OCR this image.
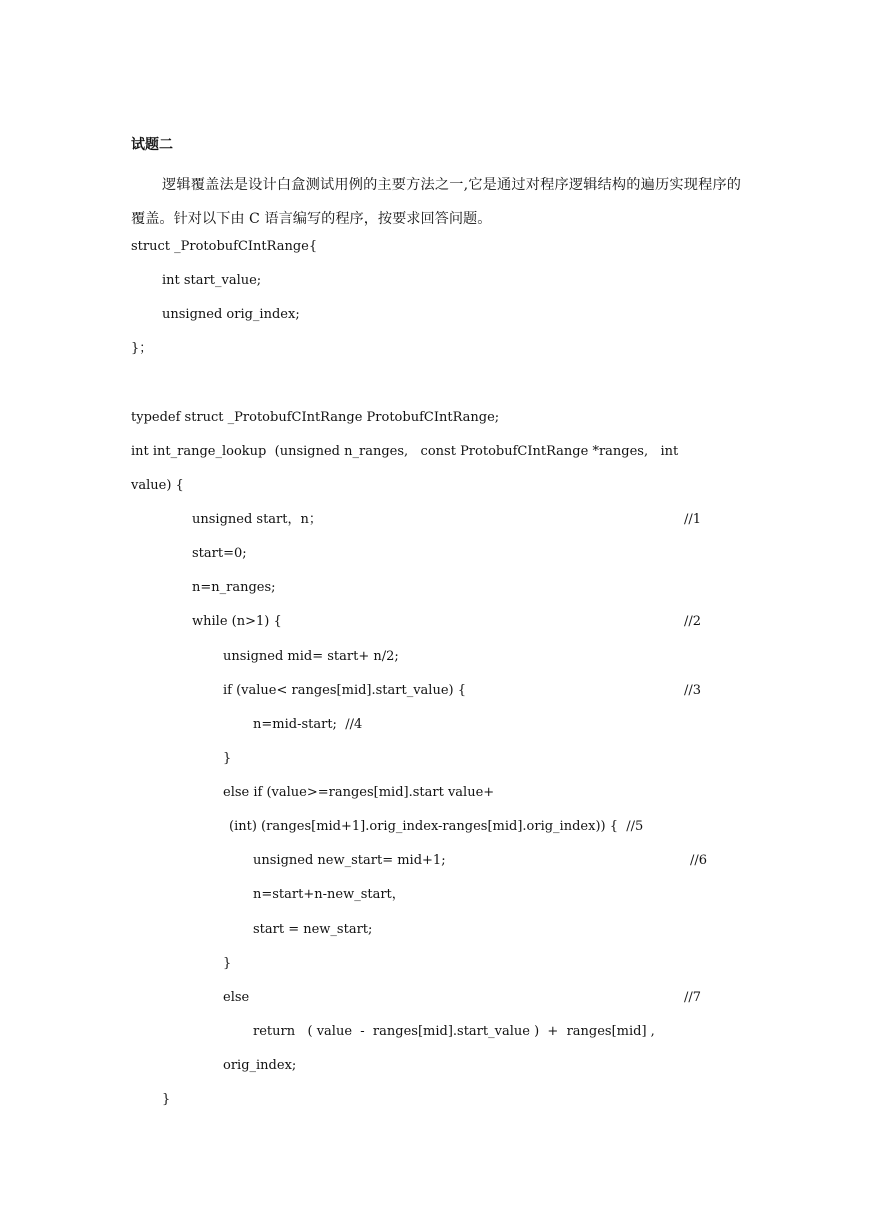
试题二

逻辑覆盖法是设计白盒测试用例的主要方法之一,它是通过对程序逻辑结构的遍历实现程序的覆盖。针对以下由 C 语言编写的程序，按要求回答问题。

struct _ProtobufCIntRange{
int start_value;
unsigned orig_index;
}；
typedef struct _ProtobufCIntRange ProtobufCIntRange;
int int_range_lookup  (unsigned n_ranges,   const ProtobufCIntRange *ranges,   int
value) {
unsigned start，n；
start=0;
n=n_ranges;
while (n>1) {
unsigned mid= start+ n/2;
if (value< ranges[mid].start_value) {
n=mid-start;  //4
}
else if (value>=ranges[mid].start value+
(int) (ranges[mid+1].orig_index-ranges[mid].orig_index)) {  //5
unsigned new_start= mid+1;
n=start+n-new_start，
start = new_start;
}
else
return   ( value  -  ranges[mid].start_value )  +  ranges[mid] ,
orig_index;
}
//1
//2
//3
//6
//7
